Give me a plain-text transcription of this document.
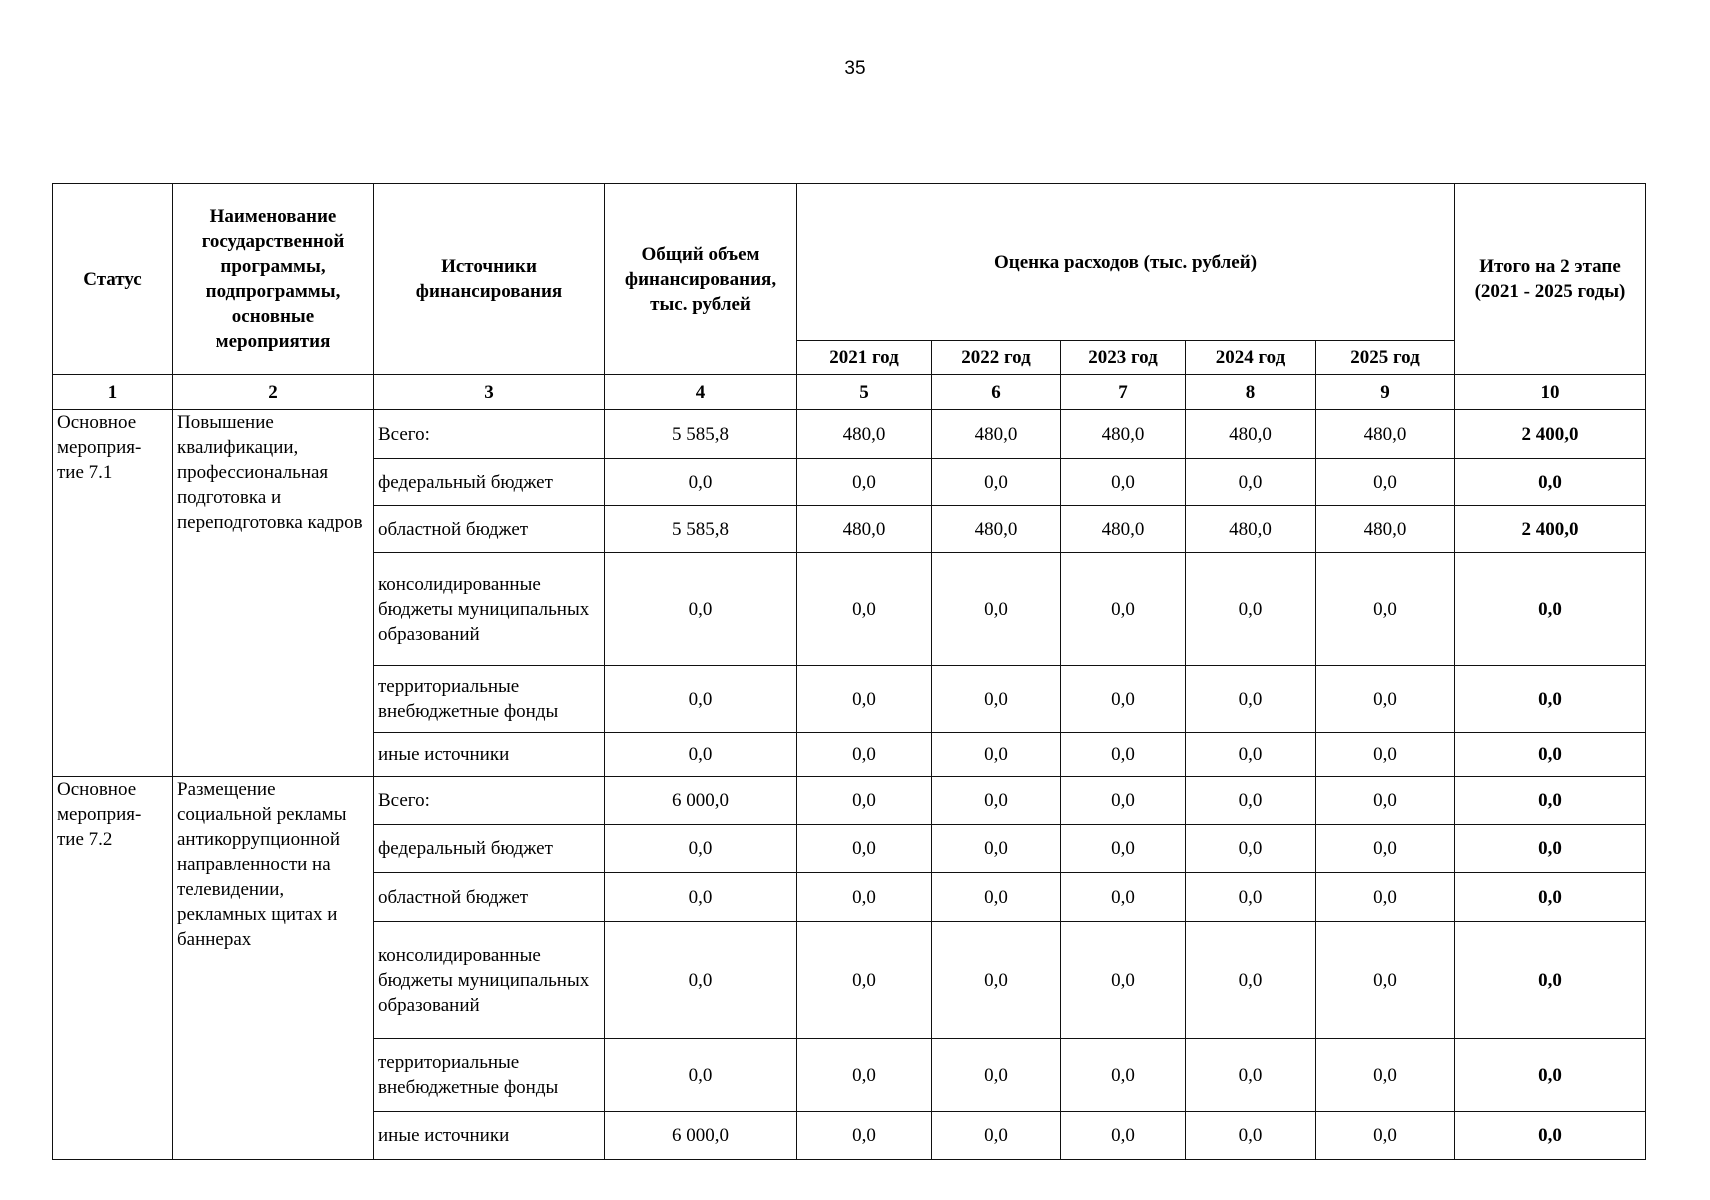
35
Статус	Наименование государственной программы, подпрограммы, основные мероприятия	Источники финансирования	Общий объем финансирования, тыс. рублей	Оценка расходов (тыс. рублей)					Итого на 2 этапе (2021 - 2025 годы)
				2021 год	2022 год	2023 год	2024 год	2025 год	
1	2	3	4	5	6	7	8	9	10
Основное мероприя-тие 7.1	Повышение квалификации, профессиональная подготовка и переподготовка кадров	Всего:	5 585,8	480,0	480,0	480,0	480,0	480,0	2 400,0
		федеральный бюджет	0,0	0,0	0,0	0,0	0,0	0,0	0,0
		областной бюджет	5 585,8	480,0	480,0	480,0	480,0	480,0	2 400,0
		консолидированные бюджеты муниципальных образований	0,0	0,0	0,0	0,0	0,0	0,0	0,0
		территориальные внебюджетные фонды	0,0	0,0	0,0	0,0	0,0	0,0	0,0
		иные источники	0,0	0,0	0,0	0,0	0,0	0,0	0,0
Основное мероприя-тие 7.2	Размещение социальной рекламы антикоррупционной направленности на телевидении, рекламных щитах и баннерах	Всего:	6 000,0	0,0	0,0	0,0	0,0	0,0	0,0
		федеральный бюджет	0,0	0,0	0,0	0,0	0,0	0,0	0,0
		областной бюджет	0,0	0,0	0,0	0,0	0,0	0,0	0,0
		консолидированные бюджеты муниципальных образований	0,0	0,0	0,0	0,0	0,0	0,0	0,0
		территориальные внебюджетные фонды	0,0	0,0	0,0	0,0	0,0	0,0	0,0
		иные источники	6 000,0	0,0	0,0	0,0	0,0	0,0	0,0
